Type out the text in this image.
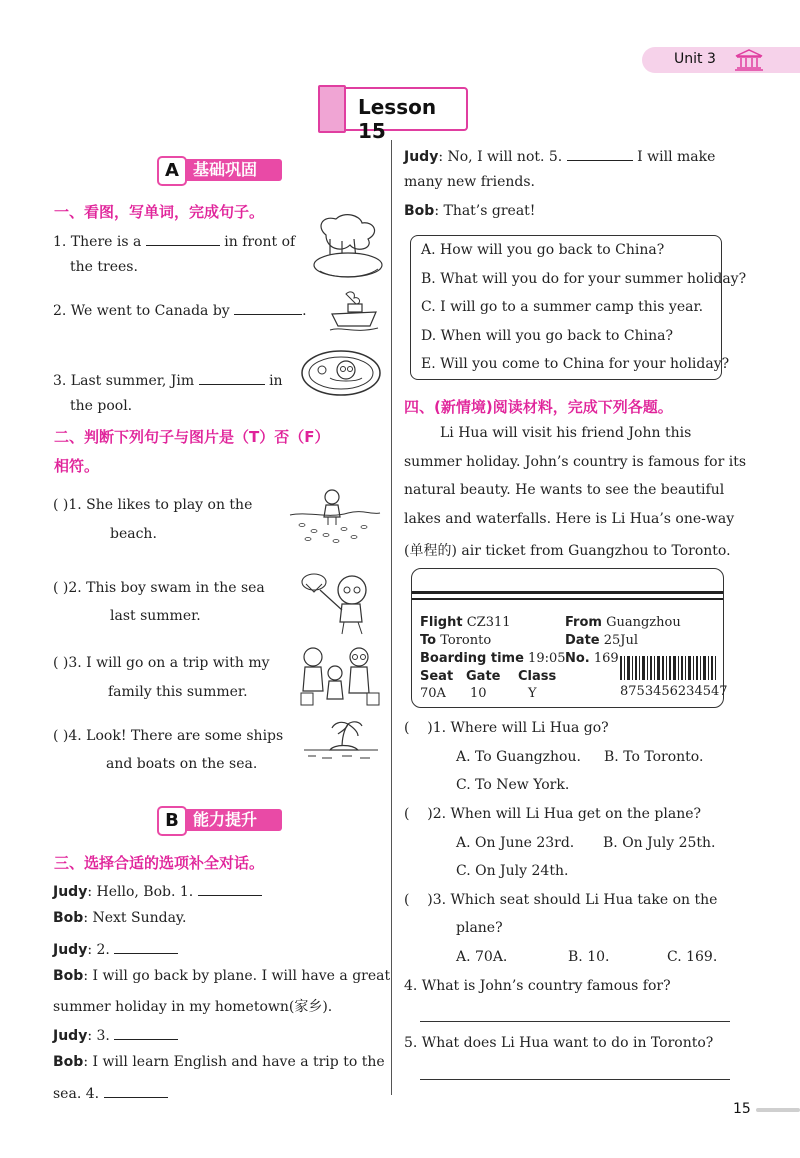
Unit 3
Lesson 15
A 基础巩固
一、看图，写单词，完成句子。
1. There is a	in front of
the trees.
2. We went to Canada by	.
3. Last summer, Jim	in
the pool.
二、判断下列句子与图片是（T）否（F）
相符。
( )1. She likes to play on the
beach.
( )2. This boy swam in the sea
last summer.
( )3. I will go on a trip with my
family this summer.
( )4. Look! There are some ships
and boats on the sea.
B 能力提升
三、选择合适的选项补全对话。
Judy: Hello, Bob. 1.
Bob: Next Sunday.
Judy: 2.
Bob: I will go back by plane. I will have a great
summer holiday in my hometown(家乡).
Judy: 3.
Bob: I will learn English and have a trip to the
sea. 4.
Judy: No, I will not. 5.	I will make
many new friends.
Bob: That’s great!
A. How will you go back to China?
B. What will you do for your summer holiday?
C. I will go to a summer camp this year.
D. When will you go back to China?
E. Will you come to China for your holiday?
四、(新情境)阅读材料，完成下列各题。
Li Hua will visit his friend John this
summer holiday. John’s country is famous for its
natural beauty. He wants to see the beautiful
lakes and waterfalls. Here is Li Hua’s one-way
(单程的) air ticket from Guangzhou to Toronto.
Flight CZ311	From Guangzhou
To Toronto	Date 25Jul
Boarding time 19:05 No. 169
Seat Gate Class
70A 10	Y	8753456234547
(    )1. Where will Li Hua go?
A. To Guangzhou. B. To Toronto.
C. To New York.
(    )2. When will Li Hua get on the plane?
A. On June 23rd. B. On July 25th.
C. On July 24th.
(    )3. Which seat should Li Hua take on the
plane?
A. 70A.	B. 10.	C. 169.
4. What is John’s country famous for?
5. What does Li Hua want to do in Toronto?
15
